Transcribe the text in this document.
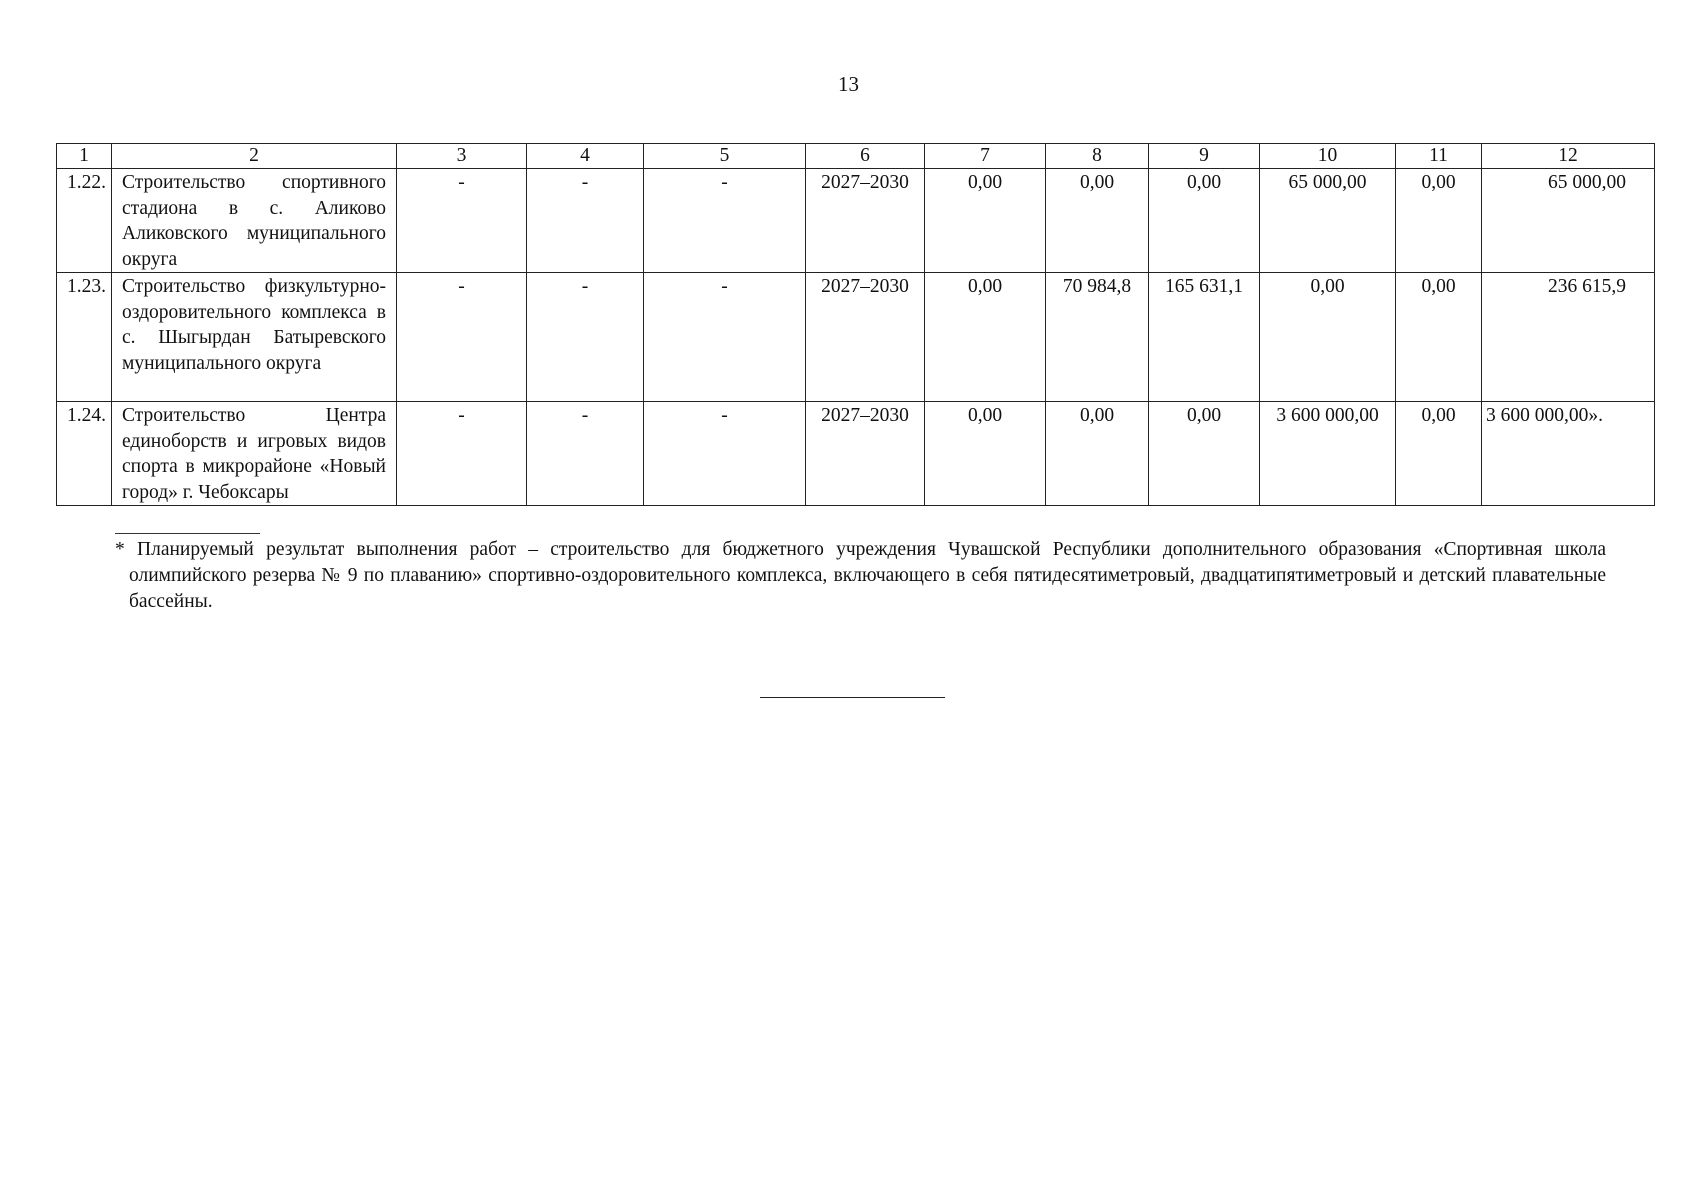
13
1	2	3	4	5	6	7	8	9	10	11	12
1.22.	Строительство спортивного стадиона в с. Аликово Аликовского муниципального округа	-	-	-	2027–2030	0,00	0,00	0,00	65 000,00	0,00	65 000,00
1.23.	Строительство физкультурно-оздоровительного комплекса в с. Шыгырдан Батыревского муниципального округа	-	-	-	2027–2030	0,00	70 984,8	165 631,1	0,00	0,00	236 615,9
1.24.	Строительство Центра единоборств и игровых видов спорта в микрорайоне «Новый город» г. Чебоксары	-	-	-	2027–2030	0,00	0,00	0,00	3 600 000,00	0,00	3 600 000,00».
* Планируемый результат выполнения работ – строительство для бюджетного учреждения Чувашской Республики дополнительного образования «Спортивная школа олимпийского резерва № 9 по плаванию» спортивно-оздоровительного комплекса, включающего в себя пятидесятиметровый, двадцатипятиметровый и детский плавательные бассейны.
